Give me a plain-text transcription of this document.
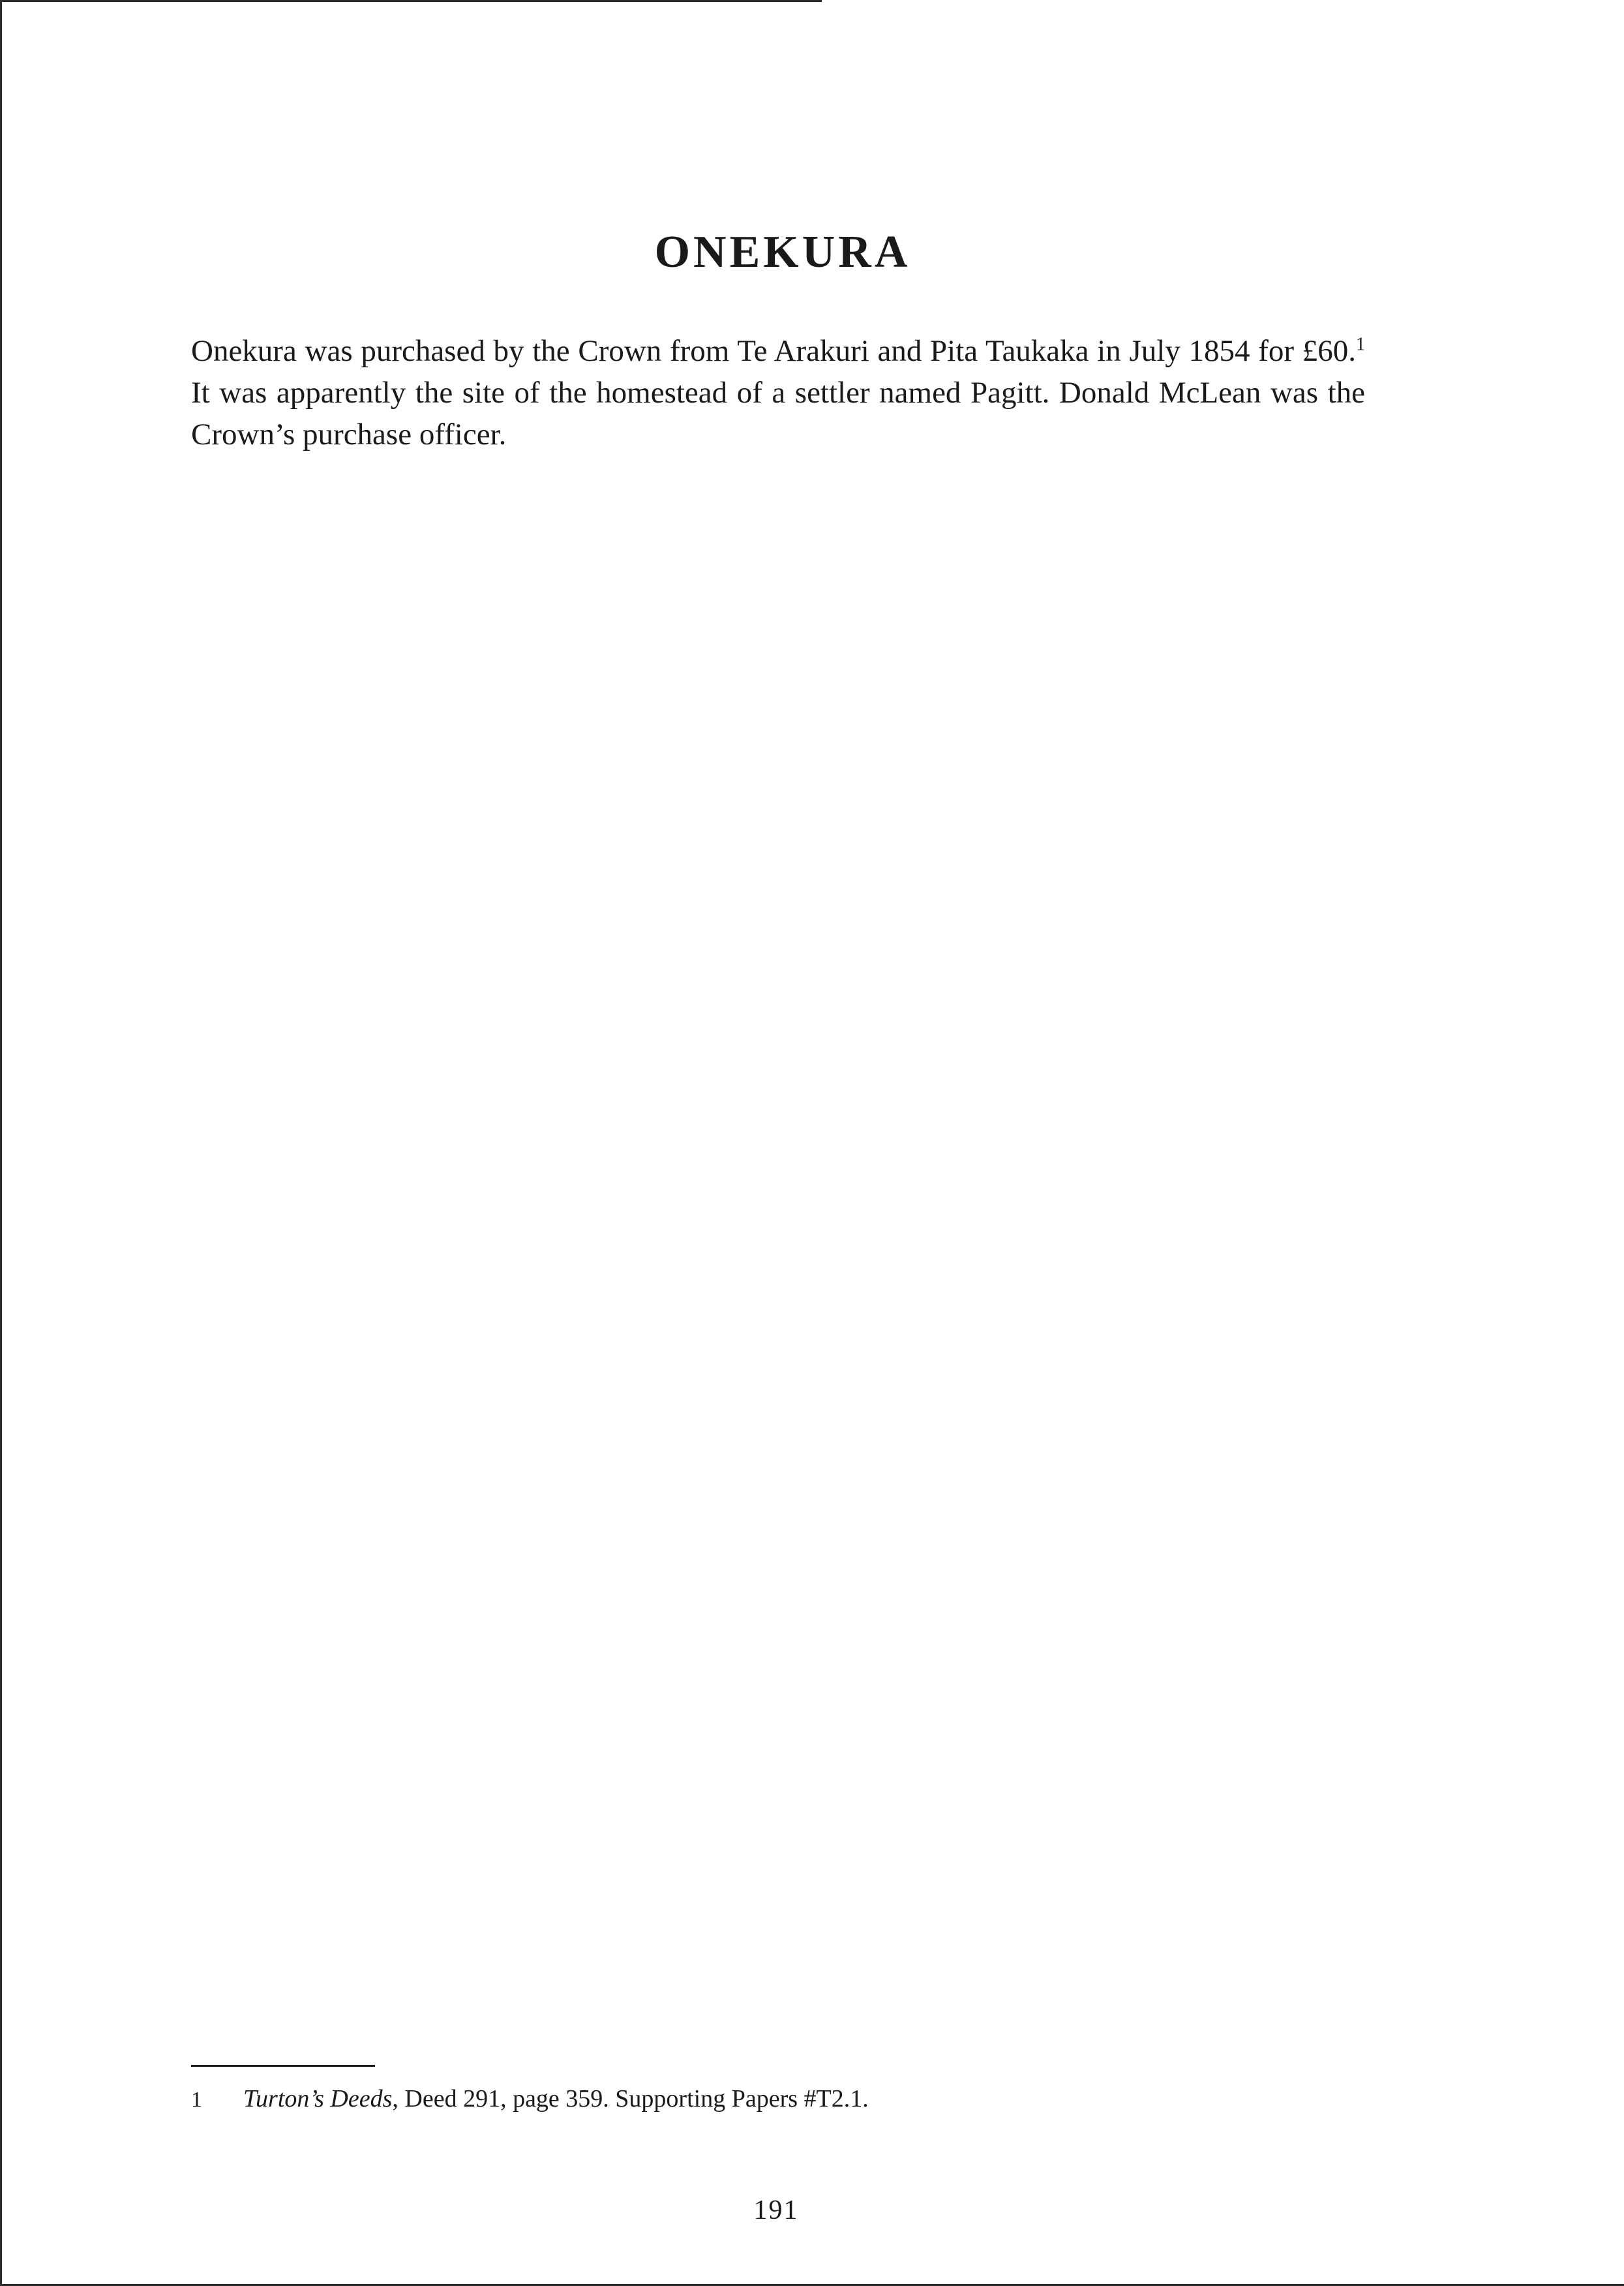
ONEKURA

Onekura was purchased by the Crown from Te Arakuri and Pita Taukaka in July 1854 for £60.$^1$ It was apparently the site of the homestead of a settler named Pagitt. Donald McLean was the Crown’s purchase officer.

1 Turton’s Deeds, Deed 291, page 359. Supporting Papers #T2.1.

191
